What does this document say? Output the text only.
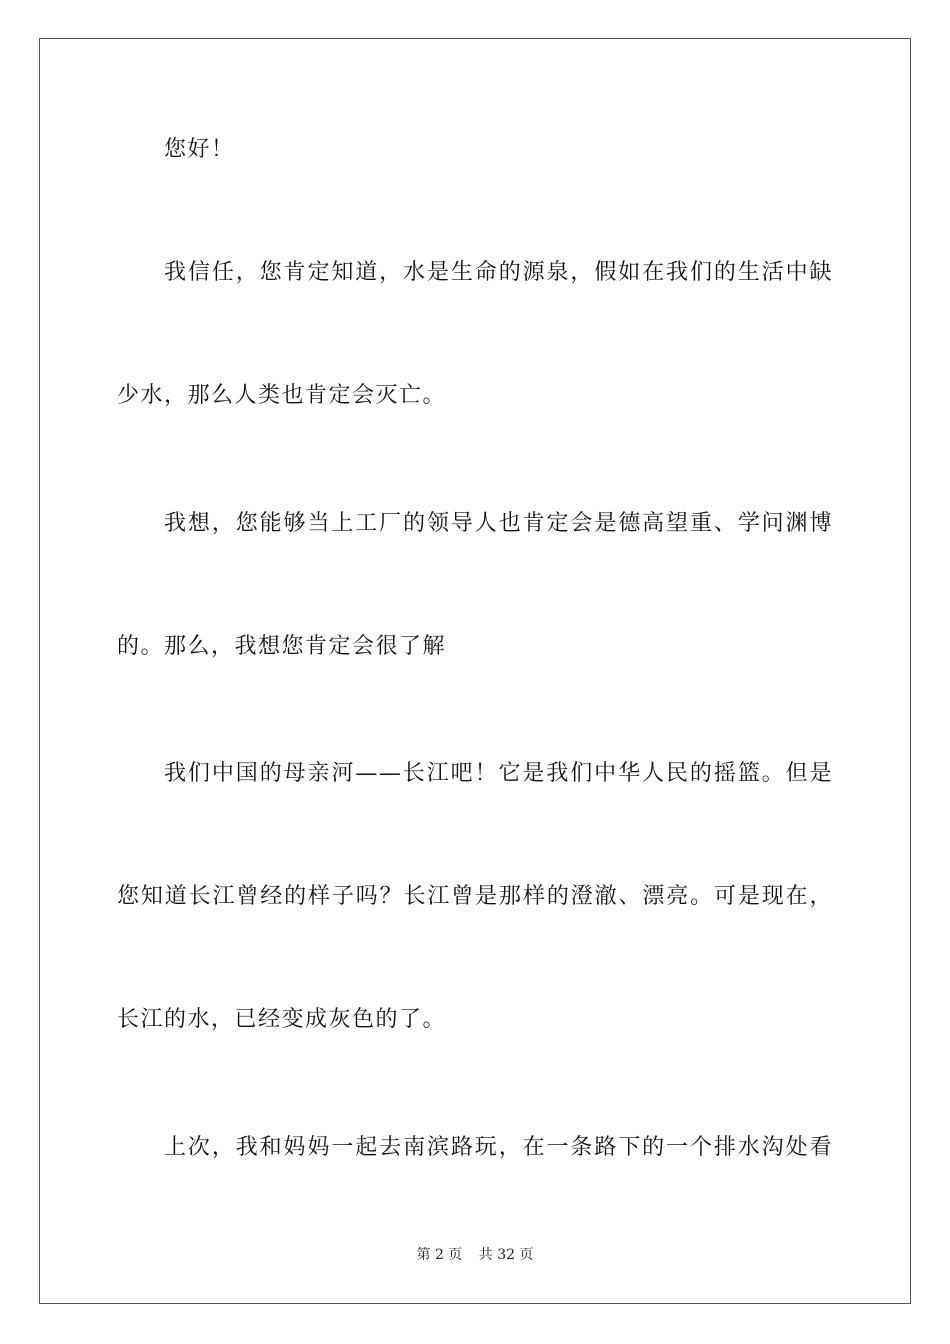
您好！
我信任，您肯定知道，水是生命的源泉，假如在我们的生活中缺
少水，那么人类也肯定会灭亡。
我想，您能够当上工厂的领导人也肯定会是德高望重、学问渊博
的。那么，我想您肯定会很了解
我们中国的母亲河——长江吧！它是我们中华人民的摇篮。但是
您知道长江曾经的样子吗？长江曾是那样的澄澈、漂亮。可是现在，
长江的水，已经变成灰色的了。
上次，我和妈妈一起去南滨路玩，在一条路下的一个排水沟处看
第 2 页 共 32 页
